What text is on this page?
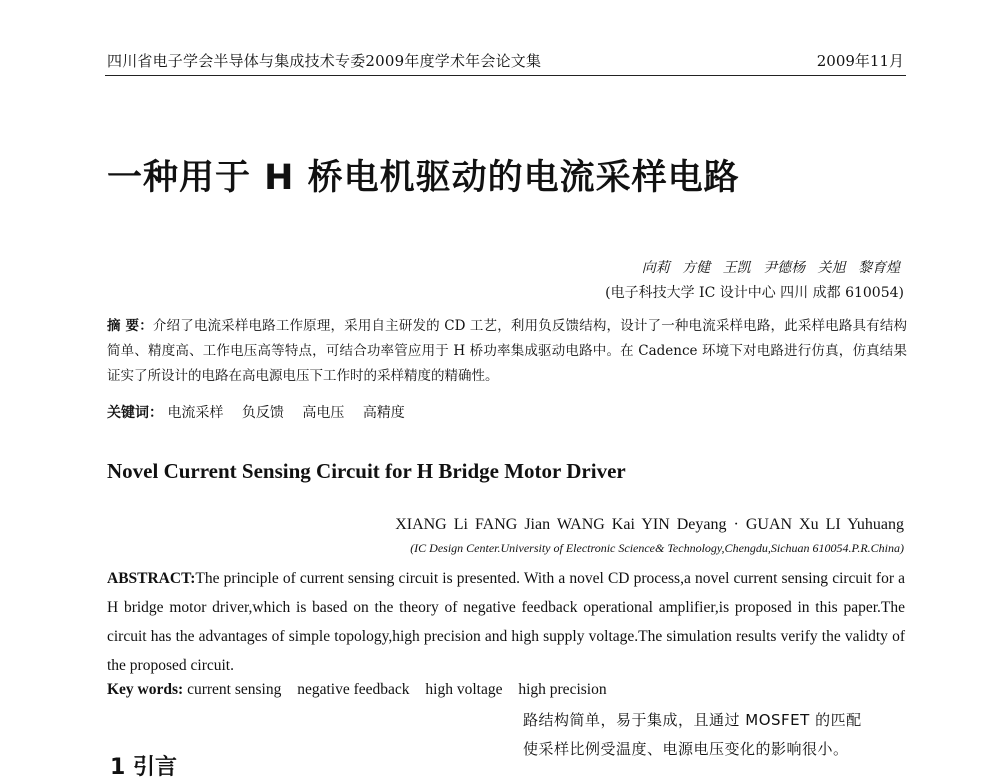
四川省电子学会半导体与集成技术专委2009年度学术年会论文集	2009年11月
一种用于 H 桥电机驱动的电流采样电路
向莉 方健 王凯 尹德杨 关旭 黎育煌
(电子科技大学 IC 设计中心 四川 成都 610054)
摘 要：介绍了电流采样电路工作原理，采用自主研发的 CD 工艺，利用负反馈结构，设计了一种电流采样电路，此采样电路具有结构简单、精度高、工作电压高等特点，可结合功率管应用于 H 桥功率集成驱动电路中。在 Cadence 环境下对电路进行仿真，仿真结果证实了所设计的电路在高电源电压下工作时的采样精度的精确性。
关键词： 电流采样 负反馈 高电压 高精度
Novel Current Sensing Circuit for H Bridge Motor Driver
XIANG Li FANG Jian WANG Kai YIN Deyang · GUAN Xu LI Yuhuang
(IC Design Center.University of Electronic Science& Technology,Chengdu,Sichuan 610054.P.R.China)
ABSTRACT:The principle of current sensing circuit is presented. With a novel CD process,a novel current sensing circuit for a H bridge motor driver,which is based on the theory of negative feedback operational amplifier,is proposed in this paper.The circuit has the advantages of simple topology,high precision and high supply voltage.The simulation results verify the validty of the proposed circuit.
Key words: current sensing negative feedback high voltage high precision
路结构简单，易于集成，且通过 MOSFET 的匹配
使采样比例受温度、电源电压变化的影响很小。
1 引言
